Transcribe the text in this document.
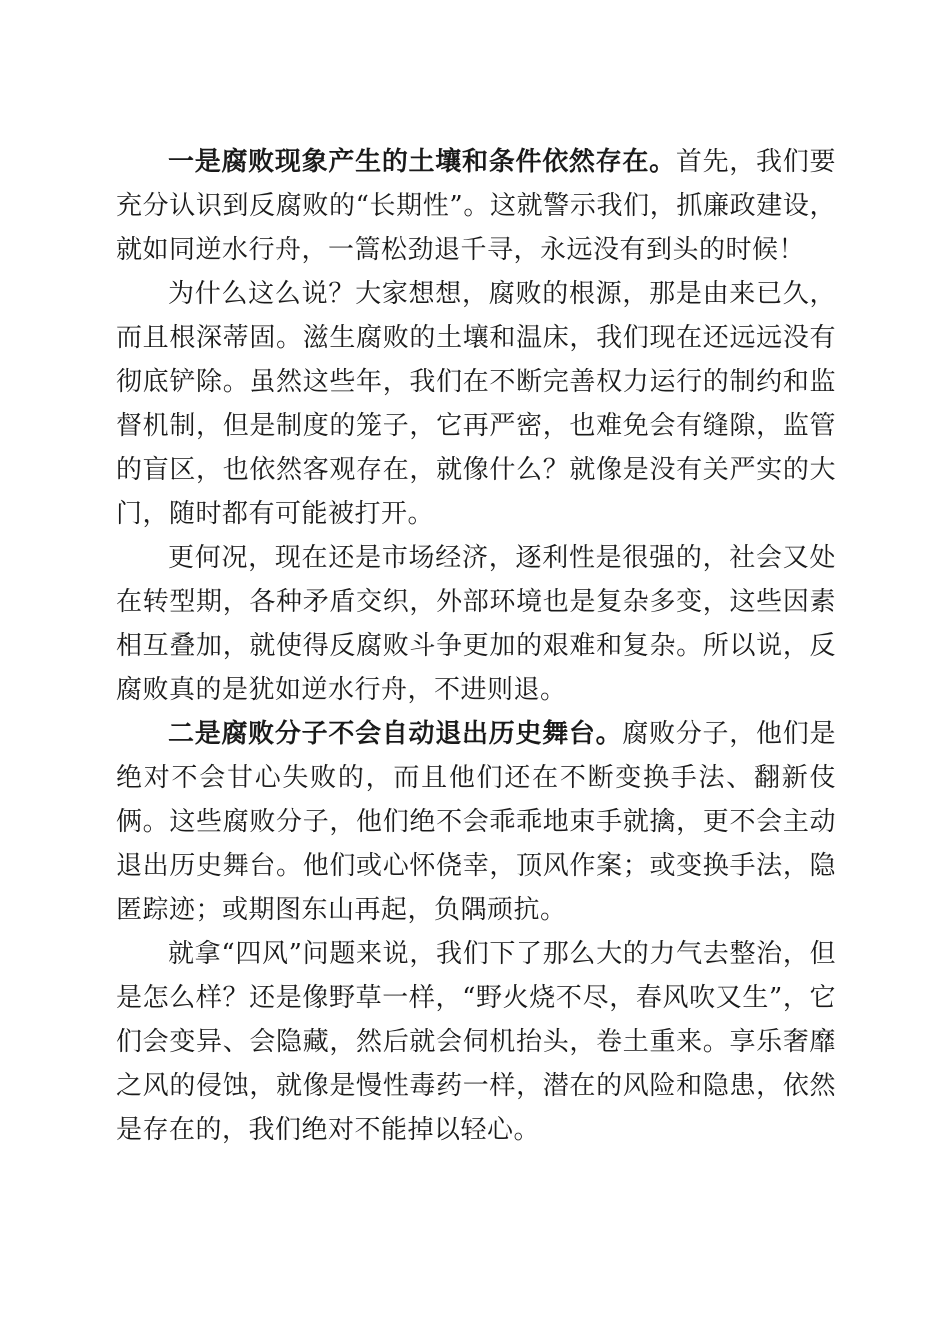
一是腐败现象产生的土壤和条件依然存在。首先，我们要充分认识到反腐败的“长期性”。这就警示我们，抓廉政建设，就如同逆水行舟，一篙松劲退千寻，永远没有到头的时候！

为什么这么说？大家想想，腐败的根源，那是由来已久，而且根深蒂固。滋生腐败的土壤和温床，我们现在还远远没有彻底铲除。虽然这些年，我们在不断完善权力运行的制约和监督机制，但是制度的笼子，它再严密，也难免会有缝隙，监管的盲区，也依然客观存在，就像什么？就像是没有关严实的大门，随时都有可能被打开。

更何况，现在还是市场经济，逐利性是很强的，社会又处在转型期，各种矛盾交织，外部环境也是复杂多变，这些因素相互叠加，就使得反腐败斗争更加的艰难和复杂。所以说，反腐败真的是犹如逆水行舟，不进则退。

二是腐败分子不会自动退出历史舞台。腐败分子，他们是绝对不会甘心失败的，而且他们还在不断变换手法、翻新伎俩。这些腐败分子，他们绝不会乖乖地束手就擒，更不会主动退出历史舞台。他们或心怀侥幸，顶风作案；或变换手法，隐匿踪迹；或期图东山再起，负隅顽抗。

就拿“四风”问题来说，我们下了那么大的力气去整治，但是怎么样？还是像野草一样，“野火烧不尽，春风吹又生”，它们会变异、会隐藏，然后就会伺机抬头，卷土重来。享乐奢靡之风的侵蚀，就像是慢性毒药一样，潜在的风险和隐患，依然是存在的，我们绝对不能掉以轻心。
